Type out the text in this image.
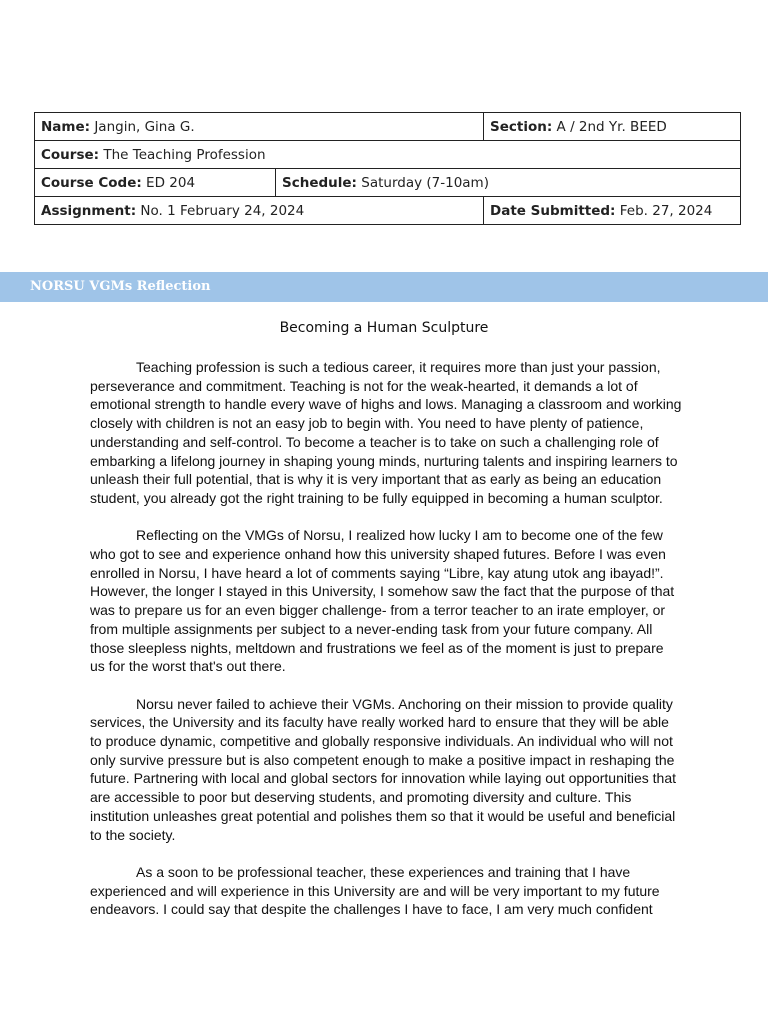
Name: Jangin, Gina G.		Section: A / 2nd Yr. BEED
Course: The Teaching Profession		
Course Code: ED 204	Schedule: Saturday (7-10am)	
Assignment: No. 1 February 24, 2024		Date Submitted: Feb. 27, 2024
NORSU VGMs Reflection
Becoming a Human Sculpture

Teaching profession is such a tedious career, it requires more than just your passion, perseverance and commitment. Teaching is not for the weak-hearted, it demands a lot of emotional strength to handle every wave of highs and lows. Managing a classroom and working closely with children is not an easy job to begin with. You need to have plenty of patience, understanding and self-control. To become a teacher is to take on such a challenging role of embarking a lifelong journey in shaping young minds, nurturing talents and inspiring learners to unleash their full potential, that is why it is very important that as early as being an education student, you already got the right training to be fully equipped in becoming a human sculptor.

Reflecting on the VMGs of Norsu, I realized how lucky I am to become one of the few who got to see and experience onhand how this university shaped futures. Before I was even enrolled in Norsu, I have heard a lot of comments saying “Libre, kay atung utok ang ibayad!”. However, the longer I stayed in this University, I somehow saw the fact that the purpose of that was to prepare us for an even bigger challenge- from a terror teacher to an irate employer, or from multiple assignments per subject to a never-ending task from your future company. All those sleepless nights, meltdown and frustrations we feel as of the moment is just to prepare us for the worst that's out there.

Norsu never failed to achieve their VGMs. Anchoring on their mission to provide quality services, the University and its faculty have really worked hard to ensure that they will be able to produce dynamic, competitive and globally responsive individuals. An individual who will not only survive pressure but is also competent enough to make a positive impact in reshaping the future. Partnering with local and global sectors for innovation while laying out opportunities that are accessible to poor but deserving students, and promoting diversity and culture. This institution unleashes great potential and polishes them so that it would be useful and beneficial to the society.

As a soon to be professional teacher, these experiences and training that I have experienced and will experience in this University are and will be very important to my future endeavors. I could say that despite the challenges I have to face, I am very much confident
